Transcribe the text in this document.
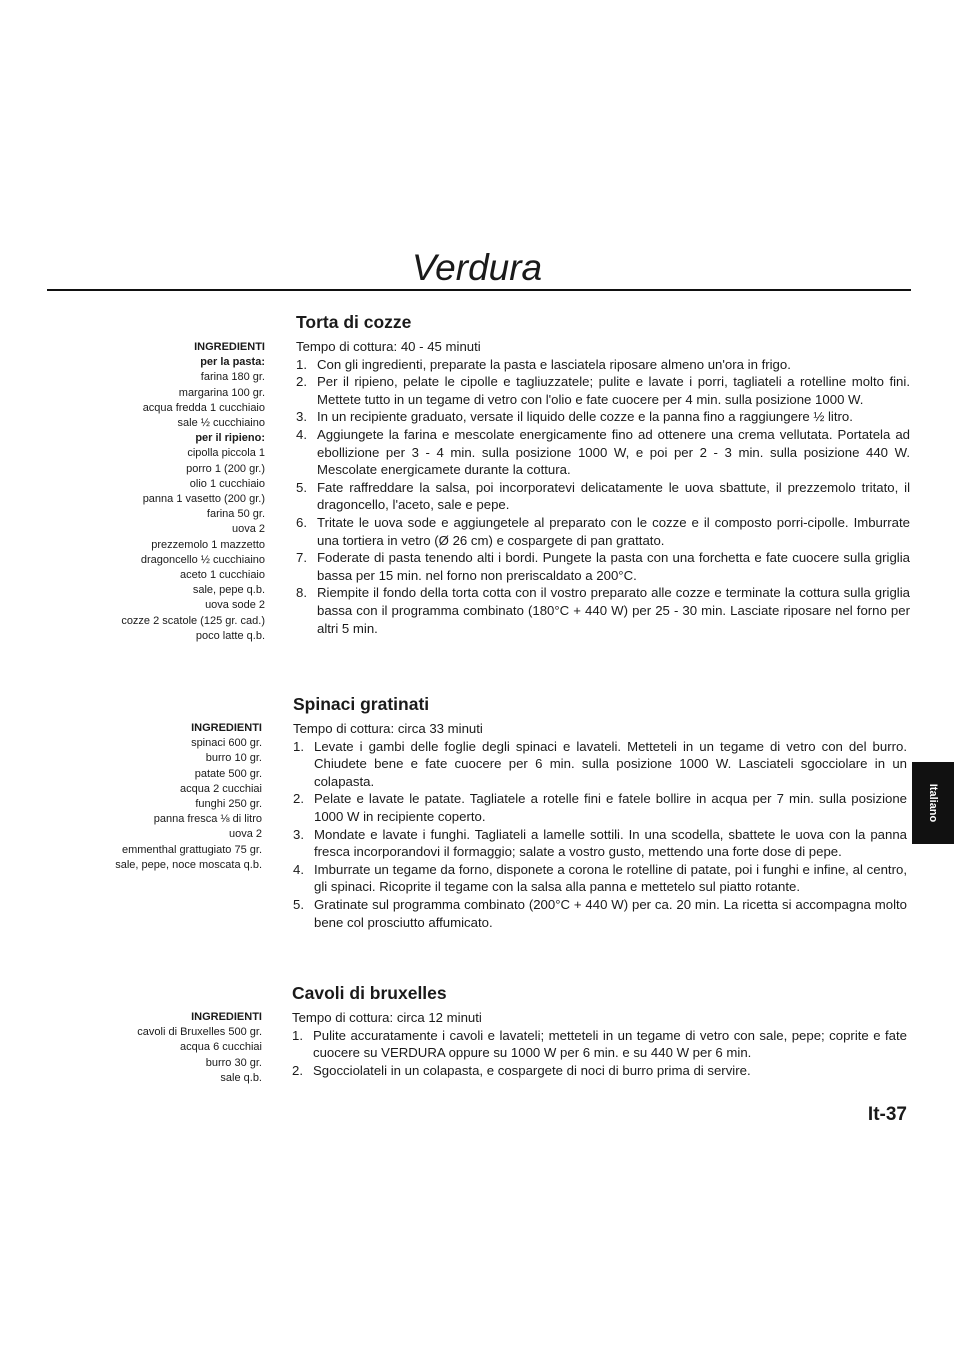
Verdura
INGREDIENTI
per la pasta:
farina 180 gr.
margarina 100 gr.
acqua fredda 1 cucchiaio
sale ½ cucchiaino
per il ripieno:
cipolla piccola 1
porro 1 (200 gr.)
olio 1 cucchiaio
panna 1 vasetto (200 gr.)
farina 50 gr.
uova 2
prezzemolo 1 mazzetto
dragoncello ½ cucchiaino
aceto 1 cucchiaio
sale, pepe q.b.
uova sode 2
cozze 2 scatole (125 gr. cad.)
poco latte q.b.
Torta di cozze
Tempo di cottura: 40 - 45 minuti
1. Con gli ingredienti, preparate la pasta e lasciatela riposare almeno un'ora in frigo.
2. Per il ripieno, pelate le cipolle e tagliuzzatele; pulite e lavate i porri, tagliateli a rotelline molto fini. Mettete tutto in un tegame di vetro con l'olio e fate cuocere per 4 min. sulla posizione 1000 W.
3. In un recipiente graduato, versate il liquido delle cozze e la panna fino a raggiungere ½ litro.
4. Aggiungete la farina e mescolate energicamente fino ad ottenere una crema vellutata. Portatela ad ebollizione per 3 - 4 min. sulla posizione 1000 W, e poi per 2 - 3 min. sulla posizione 440 W. Mescolate energicamete durante la cottura.
5. Fate raffreddare la salsa, poi incorporatevi delicatamente le uova sbattute, il prezzemolo tritato, il dragoncello, l'aceto, sale e pepe.
6. Tritate le uova sode e aggiungetele al preparato con le cozze e il composto porri-cipolle. Imburrate una tortiera in vetro (Ø 26 cm) e cospargete di pan grattato.
7. Foderate di pasta tenendo alti i bordi. Pungete la pasta con una forchetta e fate cuocere sulla griglia bassa per 15 min. nel forno non preriscaldato a 200°C.
8. Riempite il fondo della torta cotta con il vostro preparato alle cozze e terminate la cottura sulla griglia bassa con il programma combinato (180°C + 440 W) per 25 - 30 min. Lasciate riposare nel forno per altri 5 min.
INGREDIENTI
spinaci 600 gr.
burro 10 gr.
patate 500 gr.
acqua 2 cucchiai
funghi 250 gr.
panna fresca ⅛ di litro
uova 2
emmenthal grattugiato 75 gr.
sale, pepe, noce moscata q.b.
Spinaci gratinati
Tempo di cottura: circa 33 minuti
1. Levate i gambi delle foglie degli spinaci e lavateli. Metteteli in un tegame di vetro con del burro. Chiudete bene e fate cuocere per 6 min. sulla posizione 1000 W. Lasciateli sgocciolare in un colapasta.
2. Pelate e lavate le patate. Tagliatele a rotelle fini e fatele bollire in acqua per 7 min. sulla posizione 1000 W in recipiente coperto.
3. Mondate e lavate i funghi. Tagliateli a lamelle sottili. In una scodella, sbattete le uova con la panna fresca incorporandovi il formaggio; salate a vostro gusto, mettendo una forte dose di pepe.
4. Imburrate un tegame da forno, disponete a corona le rotelline di patate, poi i funghi e infine, al centro, gli spinaci. Ricoprite il tegame con la salsa alla panna e mettetelo sul piatto rotante.
5. Gratinate sul programma combinato (200°C + 440 W) per ca. 20 min. La ricetta si accompagna molto bene col prosciutto affumicato.
INGREDIENTI
cavoli di Bruxelles 500 gr.
acqua 6 cucchiai
burro 30 gr.
sale q.b.
Cavoli di bruxelles
Tempo di cottura: circa 12 minuti
1. Pulite accuratamente i cavoli e lavateli; metteteli in un tegame di vetro con sale, pepe; coprite e fate cuocere su VERDURA oppure su 1000 W per 6 min. e su 440 W per 6 min.
2. Sgocciolateli in un colapasta, e cospargete di noci di burro prima di servire.
Italiano
It-37
